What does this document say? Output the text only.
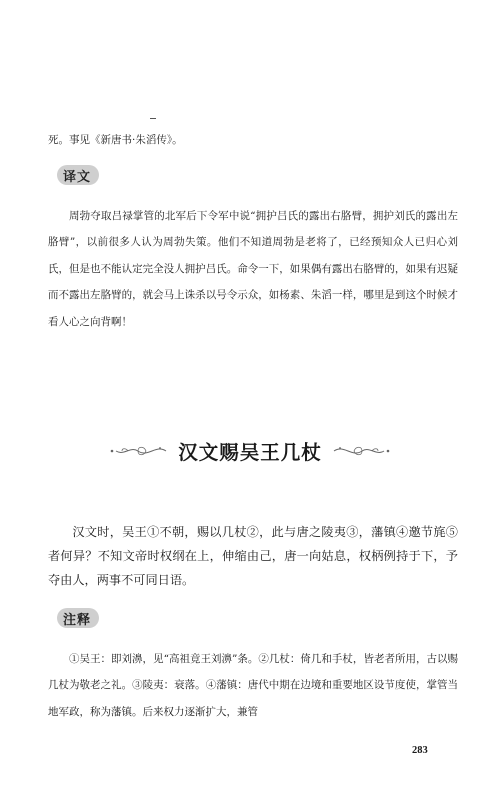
死。事见《新唐书·朱滔传》。

译文

周勃夺取吕禄掌管的北军后下令军中说“拥护吕氏的露出右胳臂，拥护刘氏的露出左胳臂”，以前很多人认为周勃失策。他们不知道周勃是老将了，已经预知众人已归心刘氏，但是也不能认定完全没人拥护吕氏。命令一下，如果偶有露出右胳臂的，如果有迟疑而不露出左胳臂的，就会马上诛杀以号令示众，如杨素、朱滔一样，哪里是到这个时候才看人心之向背啊！

汉文赐吴王几杖

汉文时，吴王①不朝，赐以几杖②，此与唐之陵夷③，藩镇④邀节旄⑤者何异？不知文帝时权纲在上，伸缩由己，唐一向姑息，权柄例持于下，予夺由人，两事不可同日语。

注释

①吴王：即刘濞，见“高祖竟王刘濞”条。②几杖：倚几和手杖，皆老者所用，古以赐几杖为敬老之礼。③陵夷：衰落。④藩镇：唐代中期在边境和重要地区设节度使，掌管当地军政，称为藩镇。后来权力逐渐扩大，兼管

283
